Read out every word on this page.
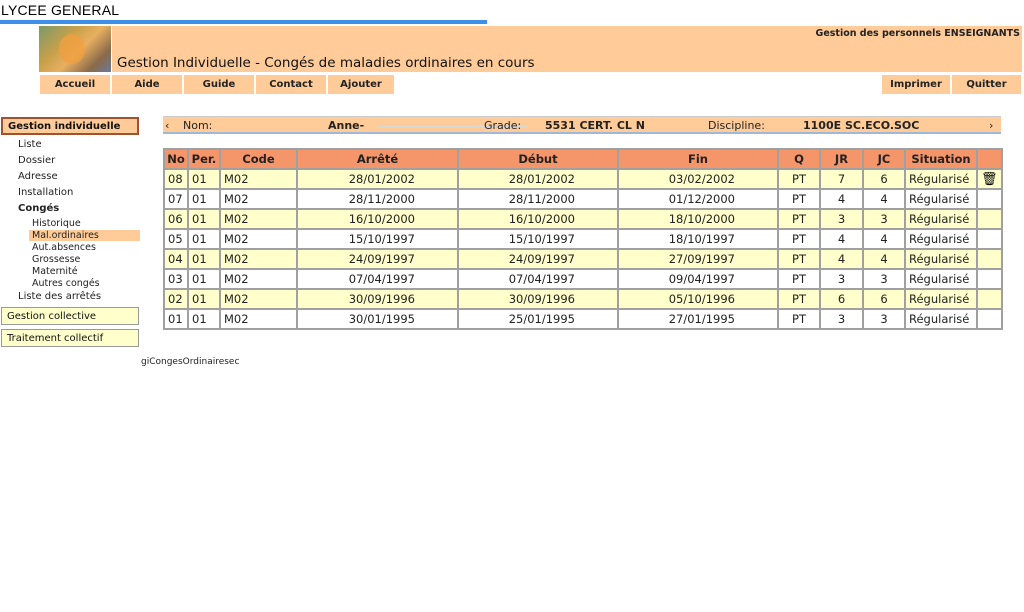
LYCEE GENERAL
Gestion des personnels ENSEIGNANTS
Gestion Individuelle - Congés de maladies ordinaires en cours
Accueil	Aide	Guide	Contact	Ajouter	Imprimer	Quitter
Gestion individuelle
Liste
Dossier
Adresse
Installation
Congés
Historique
Mal.ordinaires
Aut.absences
Grossesse
Maternité
Autres congés
Liste des arrêtés
Gestion collective
Traitement collectif
‹ Nom:	Anne-	Grade: 5531 CERT. CL N	Discipline:	1100E SC.ECO.SOC	›
No	Per.	Code	Arrêté	Début	Fin	Q	JR	JC	Situation	
08	01	M02	28/01/2002	28/01/2002	03/02/2002	PT	7	6	Régularisé	🗑
07	01	M02	28/11/2000	28/11/2000	01/12/2000	PT	4	4	Régularisé	
06	01	M02	16/10/2000	16/10/2000	18/10/2000	PT	3	3	Régularisé	
05	01	M02	15/10/1997	15/10/1997	18/10/1997	PT	4	4	Régularisé	
04	01	M02	24/09/1997	24/09/1997	27/09/1997	PT	4	4	Régularisé	
03	01	M02	07/04/1997	07/04/1997	09/04/1997	PT	3	3	Régularisé	
02	01	M02	30/09/1996	30/09/1996	05/10/1996	PT	6	6	Régularisé	
01	01	M02	30/01/1995	25/01/1995	27/01/1995	PT	3	3	Régularisé	
giCongesOrdinairesec
